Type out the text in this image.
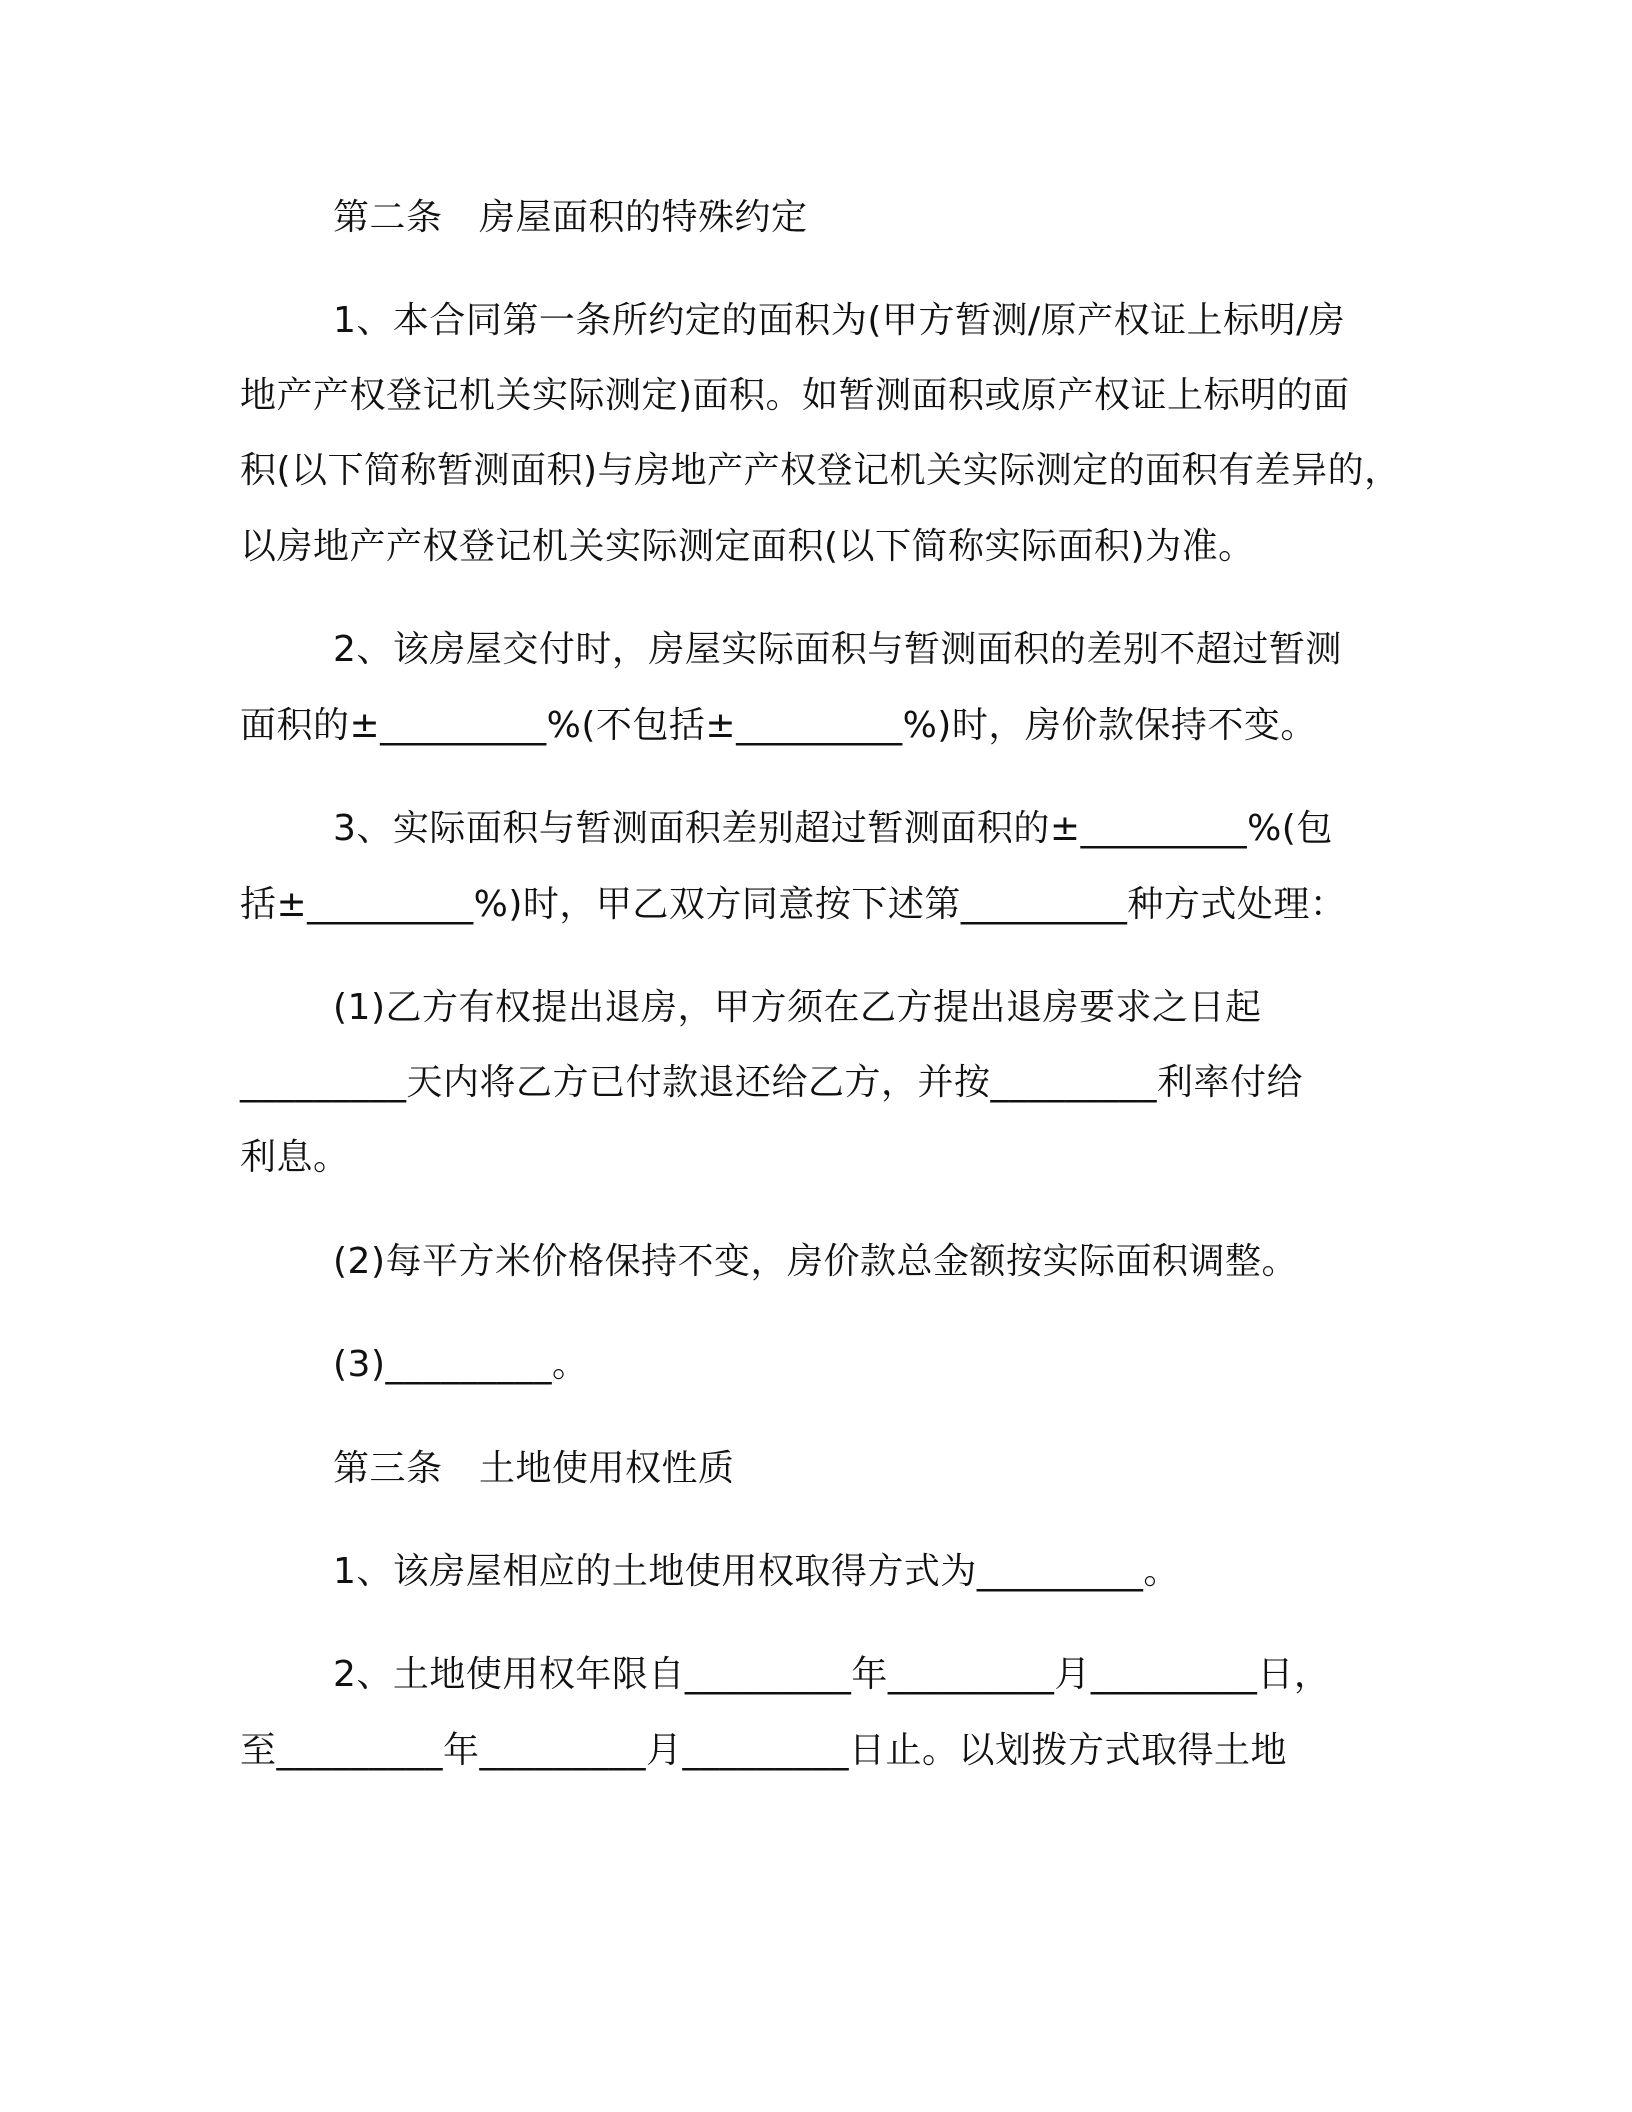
第二条　房屋面积的特殊约定
1、本合同第一条所约定的面积为(甲方暂测/原产权证上标明/房
地产产权登记机关实际测定)面积。如暂测面积或原产权证上标明的面
积(以下简称暂测面积)与房地产产权登记机关实际测定的面积有差异的，
以房地产产权登记机关实际测定面积(以下简称实际面积)为准。
2、该房屋交付时，房屋实际面积与暂测面积的差别不超过暂测
面积的±_________%(不包括±_________%)时，房价款保持不变。
3、实际面积与暂测面积差别超过暂测面积的±_________%(包
括±_________%)时，甲乙双方同意按下述第_________种方式处理：
(1)乙方有权提出退房，甲方须在乙方提出退房要求之日起
_________天内将乙方已付款退还给乙方，并按_________利率付给
利息。
(2)每平方米价格保持不变，房价款总金额按实际面积调整。
(3)_________。
第三条　土地使用权性质
1、该房屋相应的土地使用权取得方式为_________。
2、土地使用权年限自_________年_________月_________日，
至_________年_________月_________日止。以划拨方式取得土地
